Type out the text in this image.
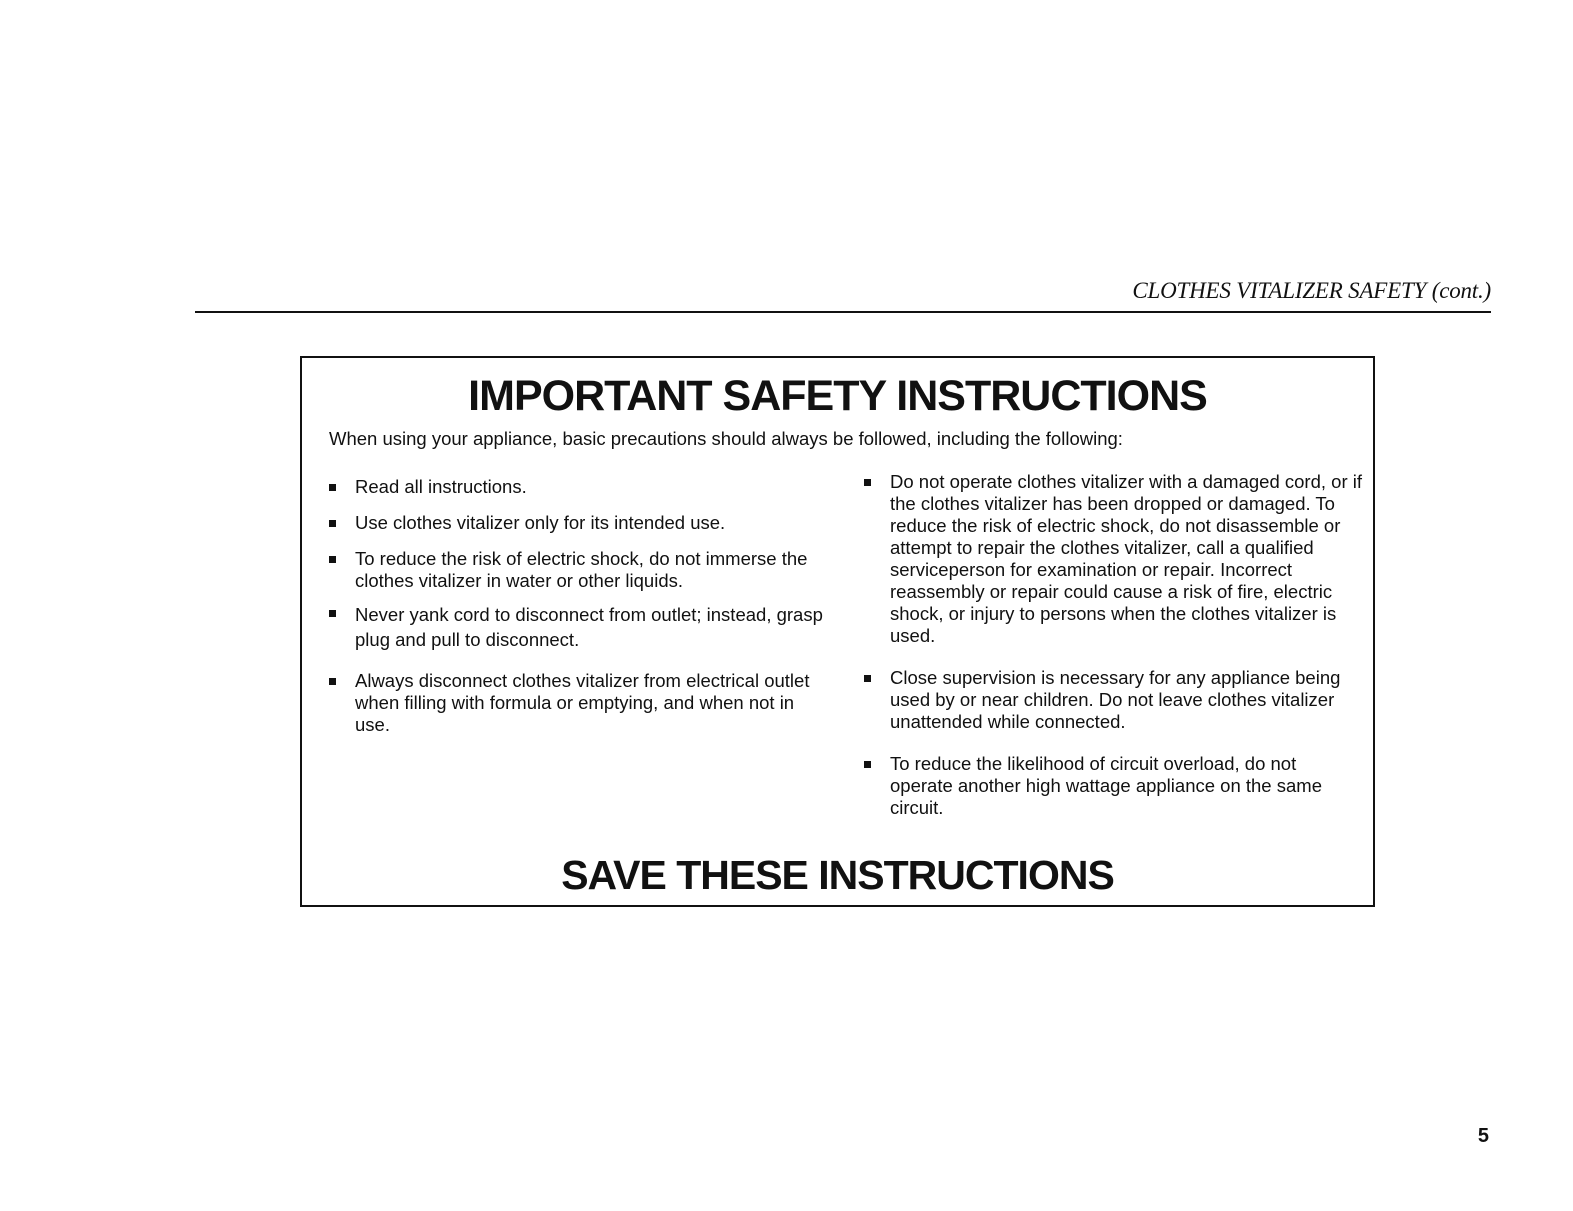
CLOTHES VITALIZER SAFETY (cont.)
IMPORTANT SAFETY INSTRUCTIONS
When using your appliance, basic precautions should always be followed, including the following:
Read all instructions.
Use clothes vitalizer only for its intended use.
To reduce the risk of electric shock, do not immerse the clothes vitalizer in water or other liquids.
Never yank cord to disconnect from outlet; instead, grasp plug and pull to disconnect.
Always disconnect clothes vitalizer from electrical outlet when filling with formula or emptying, and when not in use.
Do not operate clothes vitalizer with a damaged cord, or if the clothes vitalizer has been dropped or damaged. To reduce the risk of electric shock, do not disassemble or attempt to repair the clothes vitalizer, call a qualified serviceperson for examination or repair. Incorrect reassembly or repair could cause a risk of fire, electric shock, or injury to persons when the clothes vitalizer is used.
Close supervision is necessary for any appliance being used by or near children. Do not leave clothes vitalizer unattended while connected.
To reduce the likelihood of circuit overload, do not operate another high wattage appliance on the same circuit.
SAVE THESE INSTRUCTIONS
5
